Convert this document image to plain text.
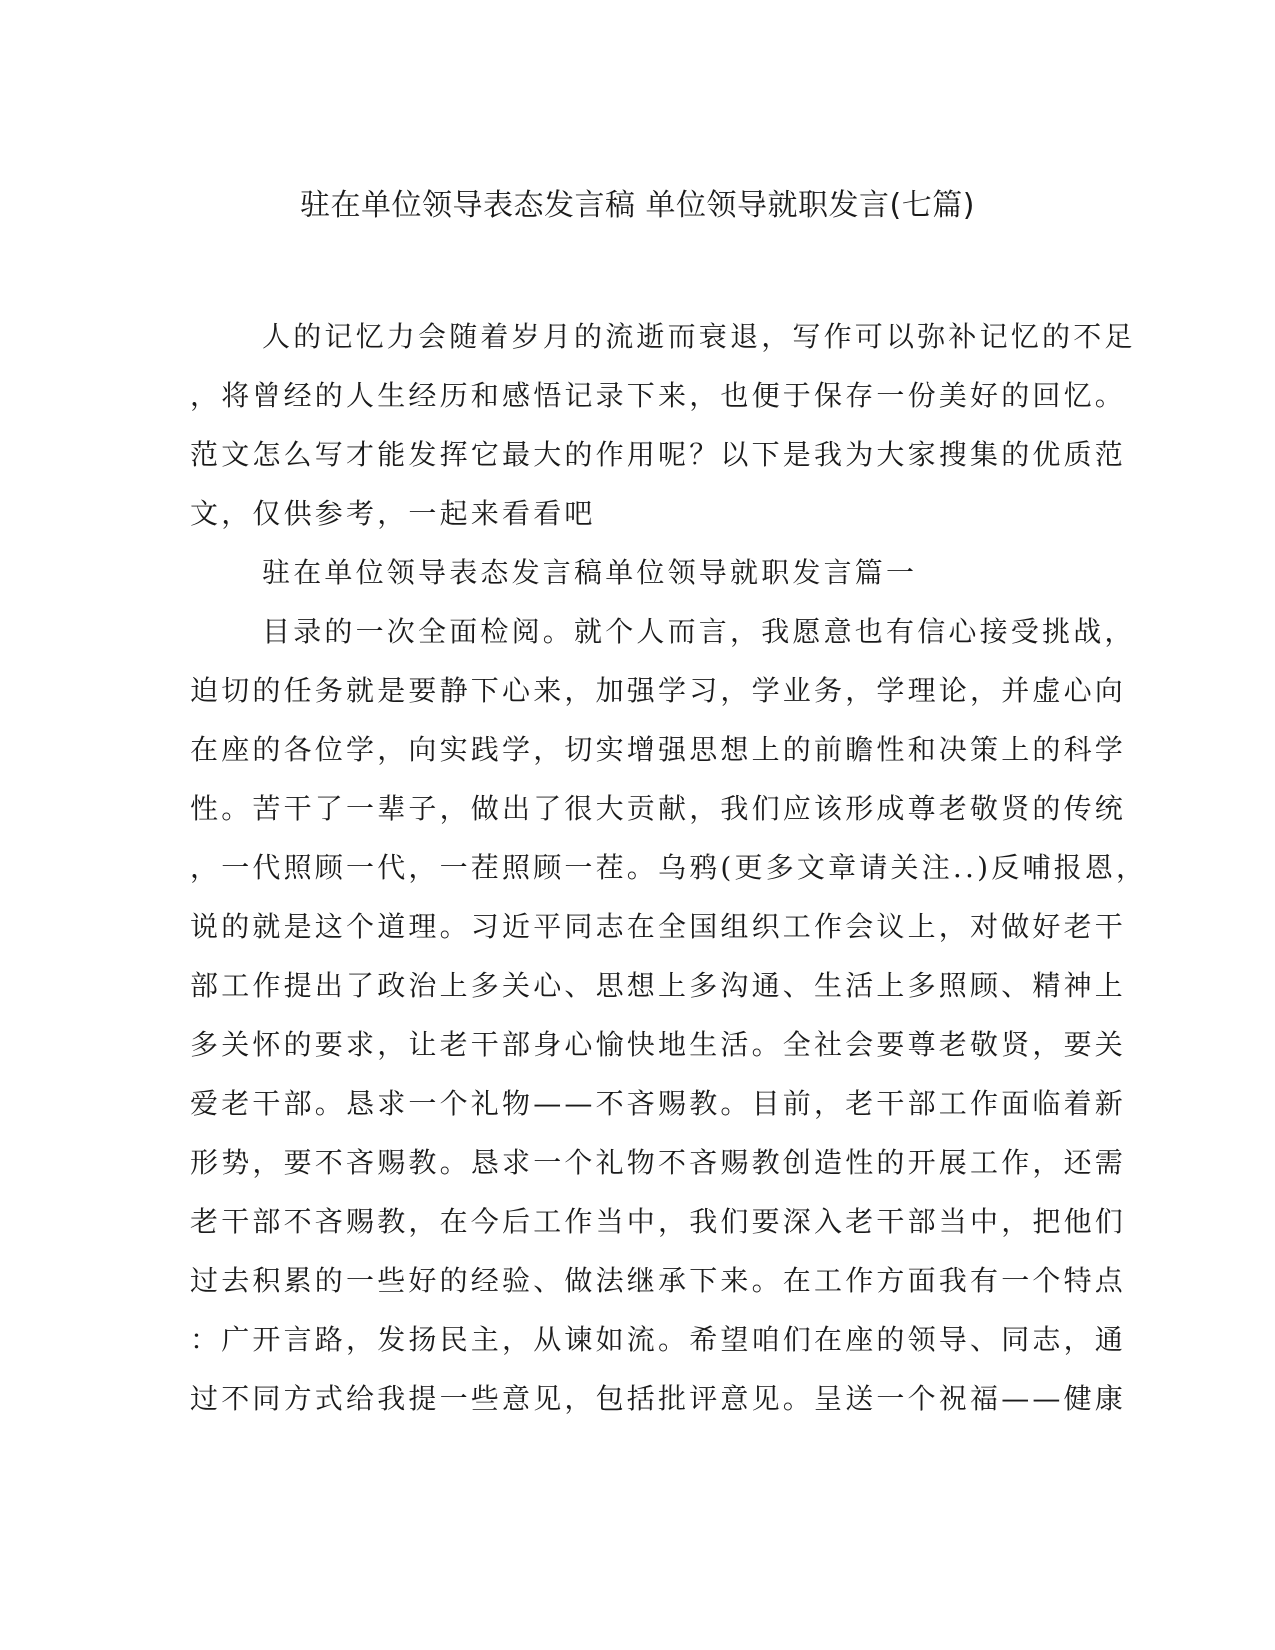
驻在单位领导表态发言稿 单位领导就职发言(七篇)
人的记忆力会随着岁月的流逝而衰退，写作可以弥补记忆的不足
，将曾经的人生经历和感悟记录下来，也便于保存一份美好的回忆。
范文怎么写才能发挥它最大的作用呢？以下是我为大家搜集的优质范
文，仅供参考，一起来看看吧
驻在单位领导表态发言稿单位领导就职发言篇一
目录的一次全面检阅。就个人而言，我愿意也有信心接受挑战，
迫切的任务就是要静下心来，加强学习，学业务，学理论，并虚心向
在座的各位学，向实践学，切实增强思想上的前瞻性和决策上的科学
性。苦干了一辈子，做出了很大贡献，我们应该形成尊老敬贤的传统
，一代照顾一代，一茬照顾一茬。乌鸦(更多文章请关注..)反哺报恩，
说的就是这个道理。习近平同志在全国组织工作会议上，对做好老干
部工作提出了政治上多关心、思想上多沟通、生活上多照顾、精神上
多关怀的要求，让老干部身心愉快地生活。全社会要尊老敬贤，要关
爱老干部。恳求一个礼物——不吝赐教。目前，老干部工作面临着新
形势，要不吝赐教。恳求一个礼物不吝赐教创造性的开展工作，还需
老干部不吝赐教，在今后工作当中，我们要深入老干部当中，把他们
过去积累的一些好的经验、做法继承下来。在工作方面我有一个特点
：广开言路，发扬民主，从谏如流。希望咱们在座的领导、同志，通
过不同方式给我提一些意见，包括批评意见。呈送一个祝福——健康
